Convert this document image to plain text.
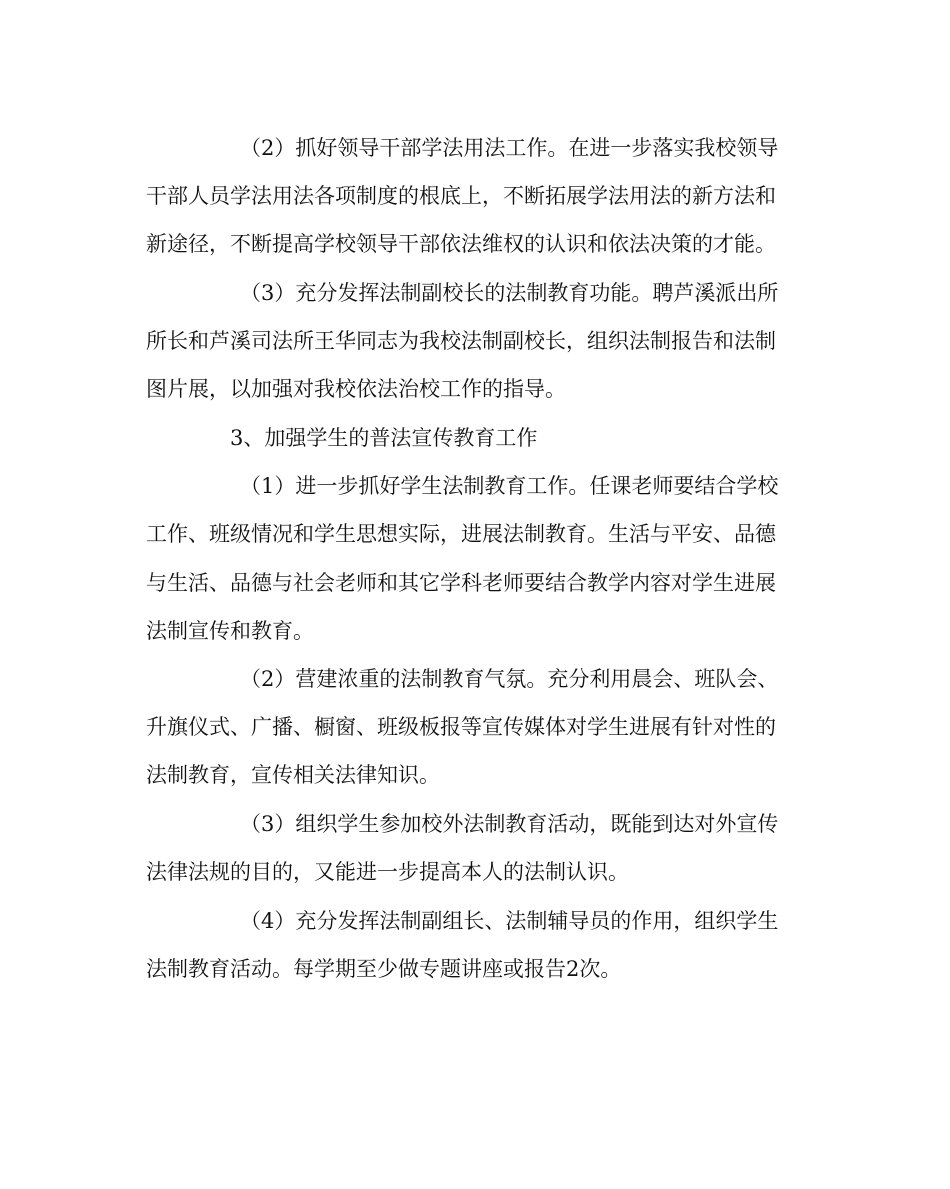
（2）抓好领导干部学法用法工作。在进一步落实我校领导
干部人员学法用法各项制度的根底上，不断拓展学法用法的新方法和
新途径，不断提高学校领导干部依法维权的认识和依法决策的才能。
（3）充分发挥法制副校长的法制教育功能。聘芦溪派出所
所长和芦溪司法所王华同志为我校法制副校长，组织法制报告和法制
图片展，以加强对我校依法治校工作的指导。
3、加强学生的普法宣传教育工作
（1）进一步抓好学生法制教育工作。任课老师要结合学校
工作、班级情况和学生思想实际，进展法制教育。生活与平安、品德
与生活、品德与社会老师和其它学科老师要结合教学内容对学生进展
法制宣传和教育。
（2）营建浓重的法制教育气氛。充分利用晨会、班队会、
升旗仪式、广播、橱窗、班级板报等宣传媒体对学生进展有针对性的
法制教育，宣传相关法律知识。
（3）组织学生参加校外法制教育活动，既能到达对外宣传
法律法规的目的，又能进一步提高本人的法制认识。
（4）充分发挥法制副组长、法制辅导员的作用，组织学生
法制教育活动。每学期至少做专题讲座或报告2次。
